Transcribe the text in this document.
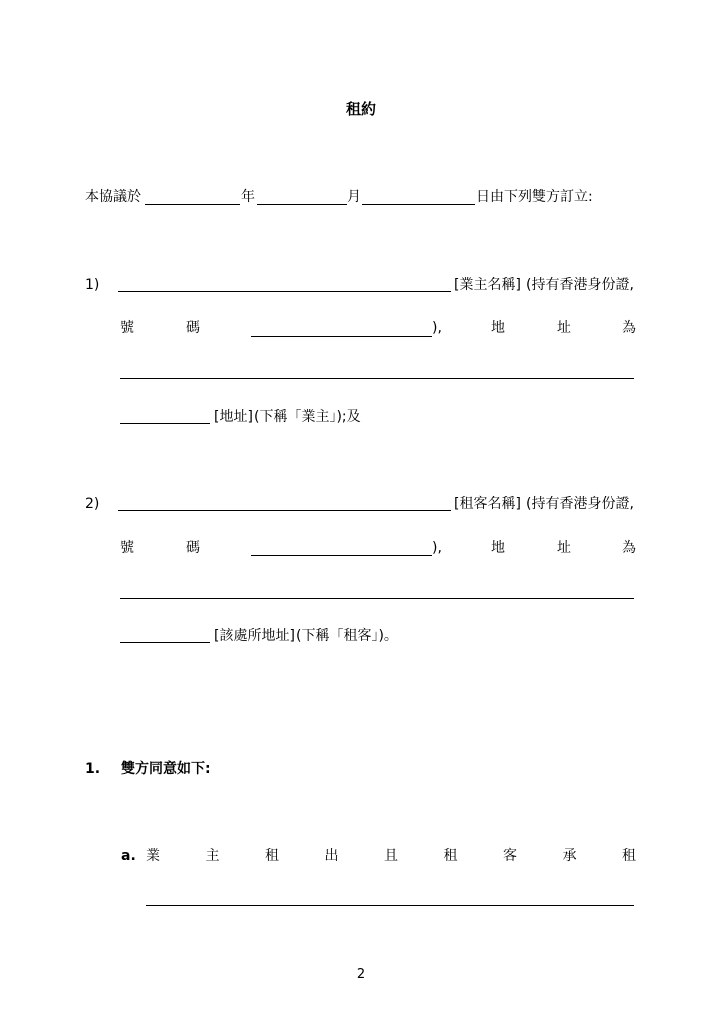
租約
本協議於	年	月	日由下列雙方訂立:
1)	[業主名稱] (持有香港身份證,
號	碼	),	地	址	為
[地址] (下稱「業主」);及
2)	[租客名稱] (持有香港身份證,
號	碼	),	地	址	為
[該處所地址] (下稱「租客」)。
1. 雙方同意如下:
a. 業	主	租	出	且	租	客	承	租
2
